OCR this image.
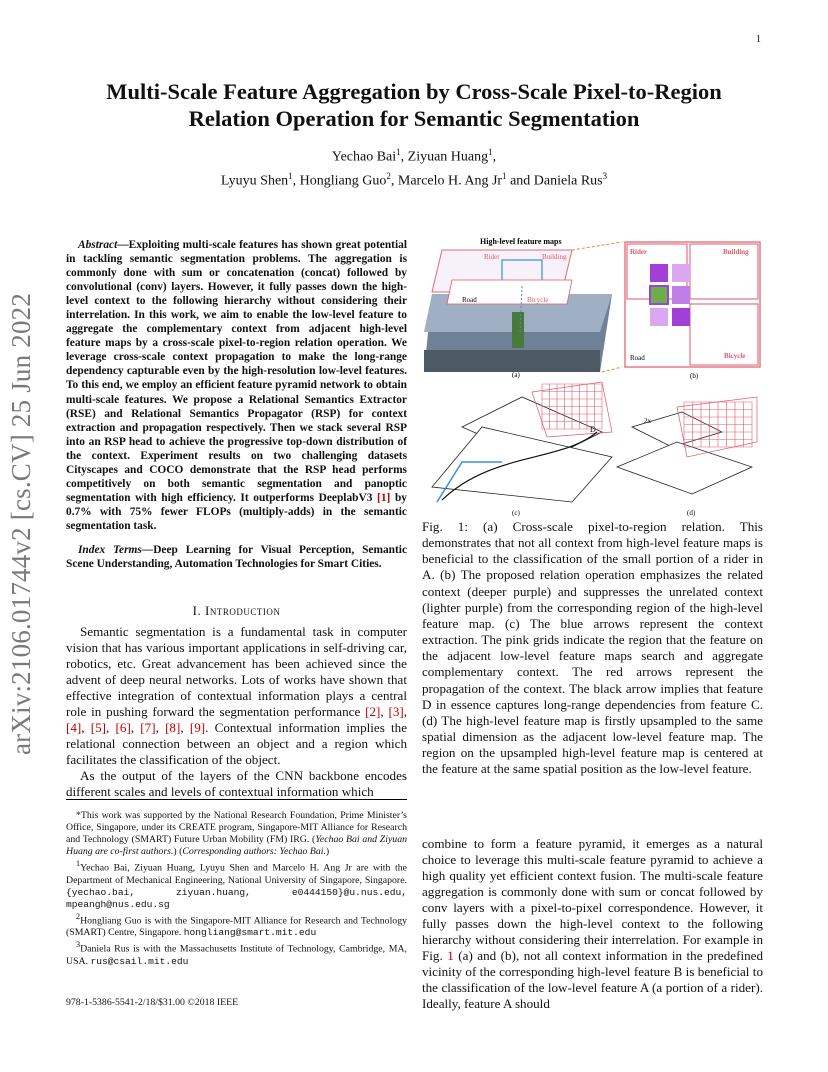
1
arXiv:2106.01744v2 [cs.CV] 25 Jun 2022
Multi-Scale Feature Aggregation by Cross-Scale Pixel-to-Region Relation Operation for Semantic Segmentation
Yechao Bai$^1$, Ziyuan Huang$^1$,
Lyuyu Shen$^1$, Hongliang Guo$^2$, Marcelo H. Ang Jr$^1$ and Daniela Rus$^3$
Abstract—Exploiting multi-scale features has shown great potential in tackling semantic segmentation problems. The aggregation is commonly done with sum or concatenation (concat) followed by convolutional (conv) layers. However, it fully passes down the high-level context to the following hierarchy without considering their interrelation. In this work, we aim to enable the low-level feature to aggregate the complementary context from adjacent high-level feature maps by a cross-scale pixel-to-region relation operation. We leverage cross-scale context propagation to make the long-range dependency capturable even by the high-resolution low-level features. To this end, we employ an efficient feature pyramid network to obtain multi-scale features. We propose a Relational Semantics Extractor (RSE) and Relational Semantics Propagator (RSP) for context extraction and propagation respectively. Then we stack several RSP into an RSP head to achieve the progressive top-down distribution of the context. Experiment results on two challenging datasets Cityscapes and COCO demonstrate that the RSP head performs competitively on both semantic segmentation and panoptic segmentation with high efficiency. It outperforms DeeplabV3 [1] by 0.7% with 75% fewer FLOPs (multiply-adds) in the semantic segmentation task.
Index Terms—Deep Learning for Visual Perception, Semantic Scene Understanding, Automation Technologies for Smart Cities.
I. Introduction

Semantic segmentation is a fundamental task in computer vision that has various important applications in self-driving car, robotics, etc. Great advancement has been achieved since the advent of deep neural networks. Lots of works have shown that effective integration of contextual information plays a central role in pushing forward the segmentation performance [2], [3], [4], [5], [6], [7], [8], [9]. Contextual information implies the relational connection between an object and a region which facilitates the classification of the object.

As the output of the layers of the CNN backbone encodes different scales and levels of contextual information which

*This work was supported by the National Research Foundation, Prime Minister’s Office, Singapore, under its CREATE program, Singapore-MIT Alliance for Research and Technology (SMART) Future Urban Mobility (FM) IRG. (Yechao Bai and Ziyuan Huang are co-first authors.) (Corresponding authors: Yechao Bai.)

$^1$Yechao Bai, Ziyuan Huang, Lyuyu Shen and Marcelo H. Ang Jr are with the Department of Mechanical Engineering, National University of Singapore, Singapore. {yechao.bai, ziyuan.huang, e0444150}@u.nus.edu, mpeangh@nus.edu.sg

$^2$Hongliang Guo is with the Singapore-MIT Alliance for Research and Technology (SMART) Centre, Singapore. hongliang@smart.mit.edu

$^3$Daniela Rus is with the Massachusetts Institute of Technology, Cambridge, MA, USA. rus@csail.mit.edu

978-1-5386-5541-2/18/$31.00 ©2018 IEEE
High-level feature maps
Rider	Building
Road	Bicycle
(a)
Rider	Building
Road	Bicycle
(b)
D
(c)
2x
(d)
Fig. 1: (a) Cross-scale pixel-to-region relation. This demonstrates that not all context from high-level feature maps is beneficial to the classification of the small portion of a rider in A. (b) The proposed relation operation emphasizes the related context (deeper purple) and suppresses the unrelated context (lighter purple) from the corresponding region of the high-level feature map. (c) The blue arrows represent the context extraction. The pink grids indicate the region that the feature on the adjacent low-level feature maps search and aggregate complementary context. The red arrows represent the propagation of the context. The black arrow implies that feature D in essence captures long-range dependencies from feature C. (d) The high-level feature map is firstly upsampled to the same spatial dimension as the adjacent low-level feature map. The region on the upsampled high-level feature map is centered at the feature at the same spatial position as the low-level feature.
combine to form a feature pyramid, it emerges as a natural choice to leverage this multi-scale feature pyramid to achieve a high quality yet efficient context fusion. The multi-scale feature aggregation is commonly done with sum or concat followed by conv layers with a pixel-to-pixel correspondence. However, it fully passes down the high-level context to the following hierarchy without considering their interrelation. For example in Fig. 1 (a) and (b), not all context information in the predefined vicinity of the corresponding high-level feature B is beneficial to the classification of the low-level feature A (a portion of a rider). Ideally, feature A should
